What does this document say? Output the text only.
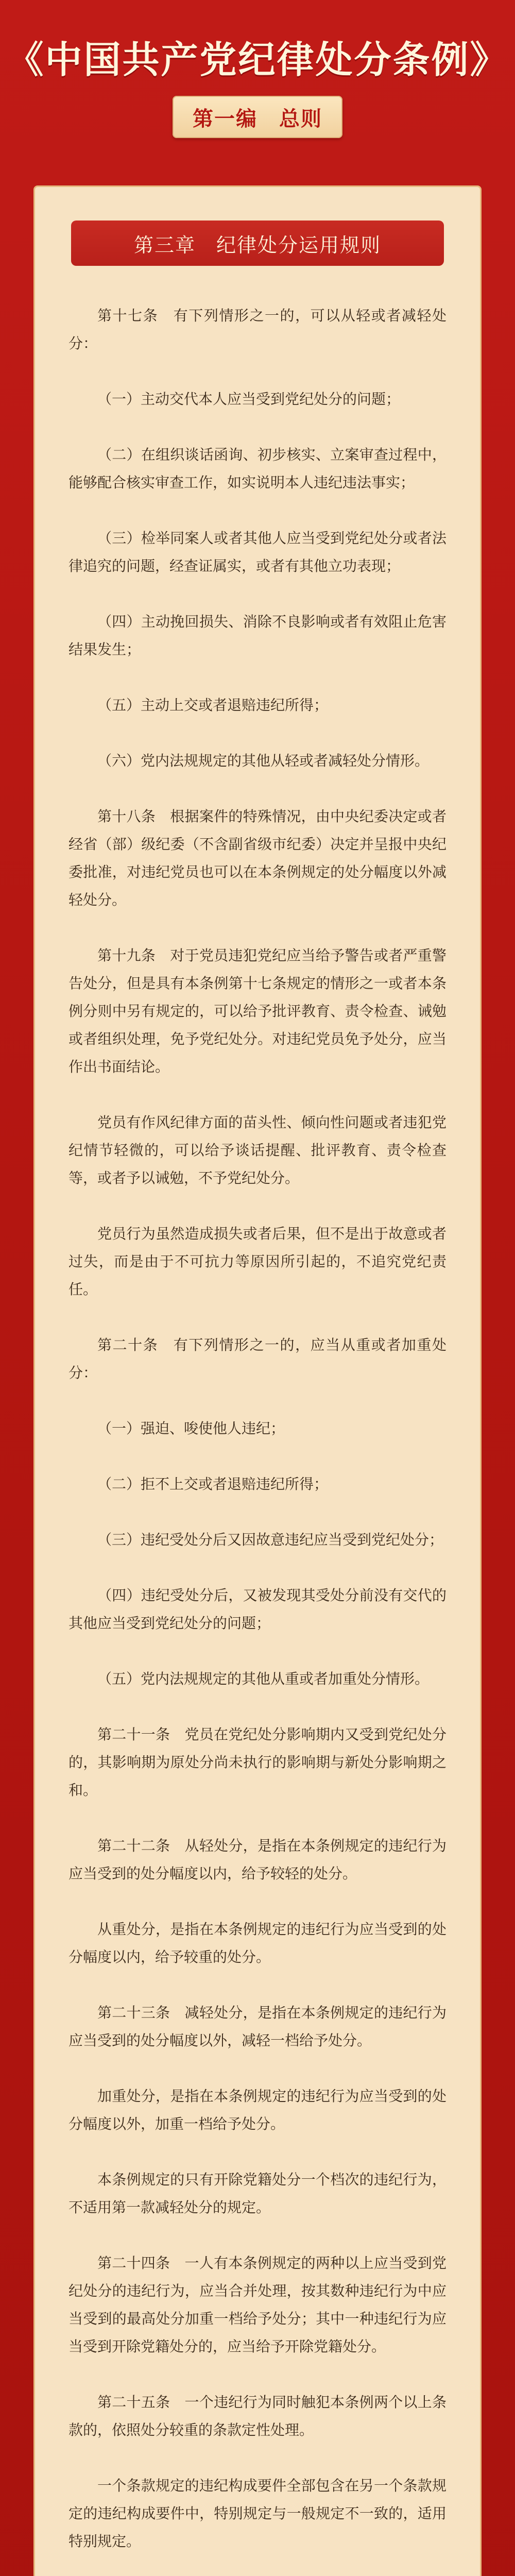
《中国共产党纪律处分条例》
第一编　总则
第三章　纪律处分运用规则

第十七条　有下列情形之一的，可以从轻或者减轻处分：

（一）主动交代本人应当受到党纪处分的问题；

（二）在组织谈话函询、初步核实、立案审查过程中，能够配合核实审查工作，如实说明本人违纪违法事实；

（三）检举同案人或者其他人应当受到党纪处分或者法律追究的问题，经查证属实，或者有其他立功表现；

（四）主动挽回损失、消除不良影响或者有效阻止危害结果发生；

（五）主动上交或者退赔违纪所得；

（六）党内法规规定的其他从轻或者减轻处分情形。

第十八条　根据案件的特殊情况，由中央纪委决定或者经省（部）级纪委（不含副省级市纪委）决定并呈报中央纪委批准，对违纪党员也可以在本条例规定的处分幅度以外减轻处分。

第十九条　对于党员违犯党纪应当给予警告或者严重警告处分，但是具有本条例第十七条规定的情形之一或者本条例分则中另有规定的，可以给予批评教育、责令检查、诫勉或者组织处理，免予党纪处分。对违纪党员免予处分，应当作出书面结论。

党员有作风纪律方面的苗头性、倾向性问题或者违犯党纪情节轻微的，可以给予谈话提醒、批评教育、责令检查等，或者予以诫勉，不予党纪处分。

党员行为虽然造成损失或者后果，但不是出于故意或者过失，而是由于不可抗力等原因所引起的，不追究党纪责任。

第二十条　有下列情形之一的，应当从重或者加重处分：

（一）强迫、唆使他人违纪；

（二）拒不上交或者退赔违纪所得；

（三）违纪受处分后又因故意违纪应当受到党纪处分；

（四）违纪受处分后，又被发现其受处分前没有交代的其他应当受到党纪处分的问题；

（五）党内法规规定的其他从重或者加重处分情形。

第二十一条　党员在党纪处分影响期内又受到党纪处分的，其影响期为原处分尚未执行的影响期与新处分影响期之和。

第二十二条　从轻处分，是指在本条例规定的违纪行为应当受到的处分幅度以内，给予较轻的处分。

从重处分，是指在本条例规定的违纪行为应当受到的处分幅度以内，给予较重的处分。

第二十三条　减轻处分，是指在本条例规定的违纪行为应当受到的处分幅度以外，减轻一档给予处分。

加重处分，是指在本条例规定的违纪行为应当受到的处分幅度以外，加重一档给予处分。

本条例规定的只有开除党籍处分一个档次的违纪行为，不适用第一款减轻处分的规定。

第二十四条　一人有本条例规定的两种以上应当受到党纪处分的违纪行为，应当合并处理，按其数种违纪行为中应当受到的最高处分加重一档给予处分；其中一种违纪行为应当受到开除党籍处分的，应当给予开除党籍处分。

第二十五条　一个违纪行为同时触犯本条例两个以上条款的，依照处分较重的条款定性处理。

一个条款规定的违纪构成要件全部包含在另一个条款规定的违纪构成要件中，特别规定与一般规定不一致的，适用特别规定。
